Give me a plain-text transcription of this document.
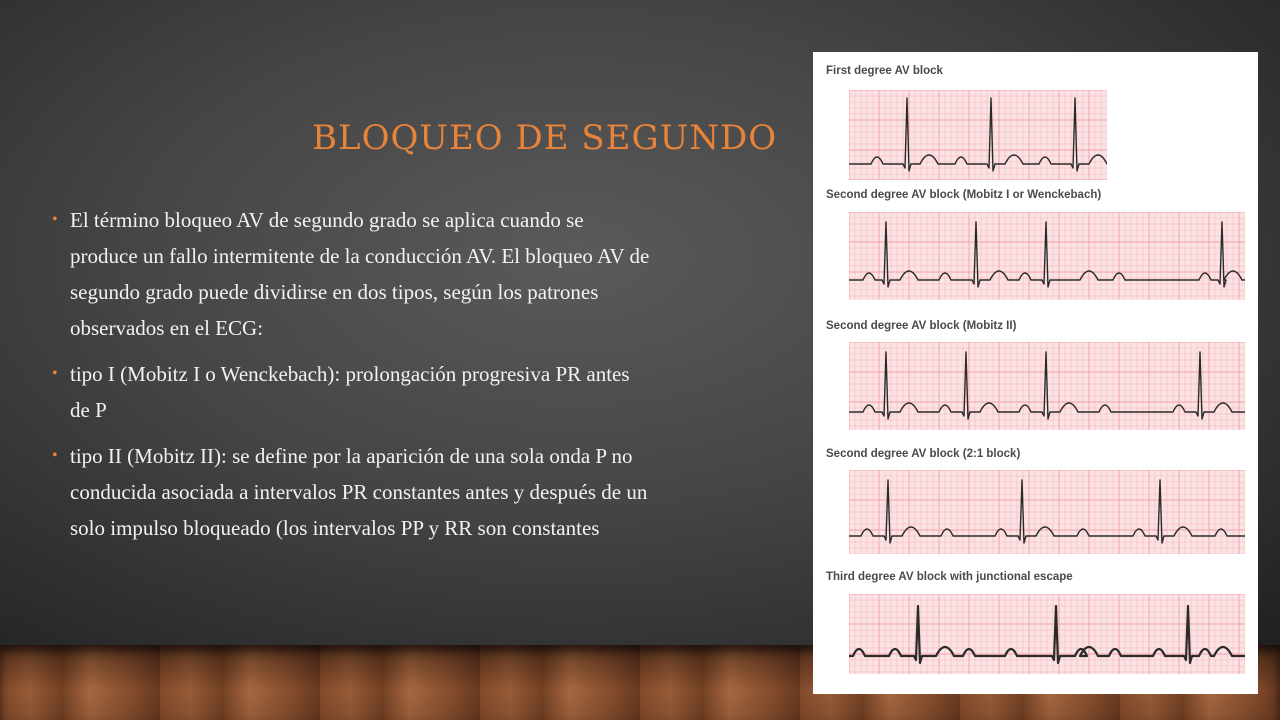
BLOQUEO DE SEGUNDO
• El término bloqueo AV de segundo grado se aplica cuando se produce un fallo intermitente de la conducción AV. El bloqueo AV de segundo grado puede dividirse en dos tipos, según los patrones observados en el ECG:
• tipo I (Mobitz I o Wenckebach): prolongación progresiva PR antes de P
• tipo II (Mobitz II): se define por la aparición de una sola onda P no conducida asociada a intervalos PR constantes antes y después de un solo impulso bloqueado (los intervalos PP y RR son constantes
First degree AV block
Second degree AV block (Mobitz I or Wenckebach)
Second degree AV block (Mobitz II)
Second degree AV block (2:1 block)
Third degree AV block with junctional escape
